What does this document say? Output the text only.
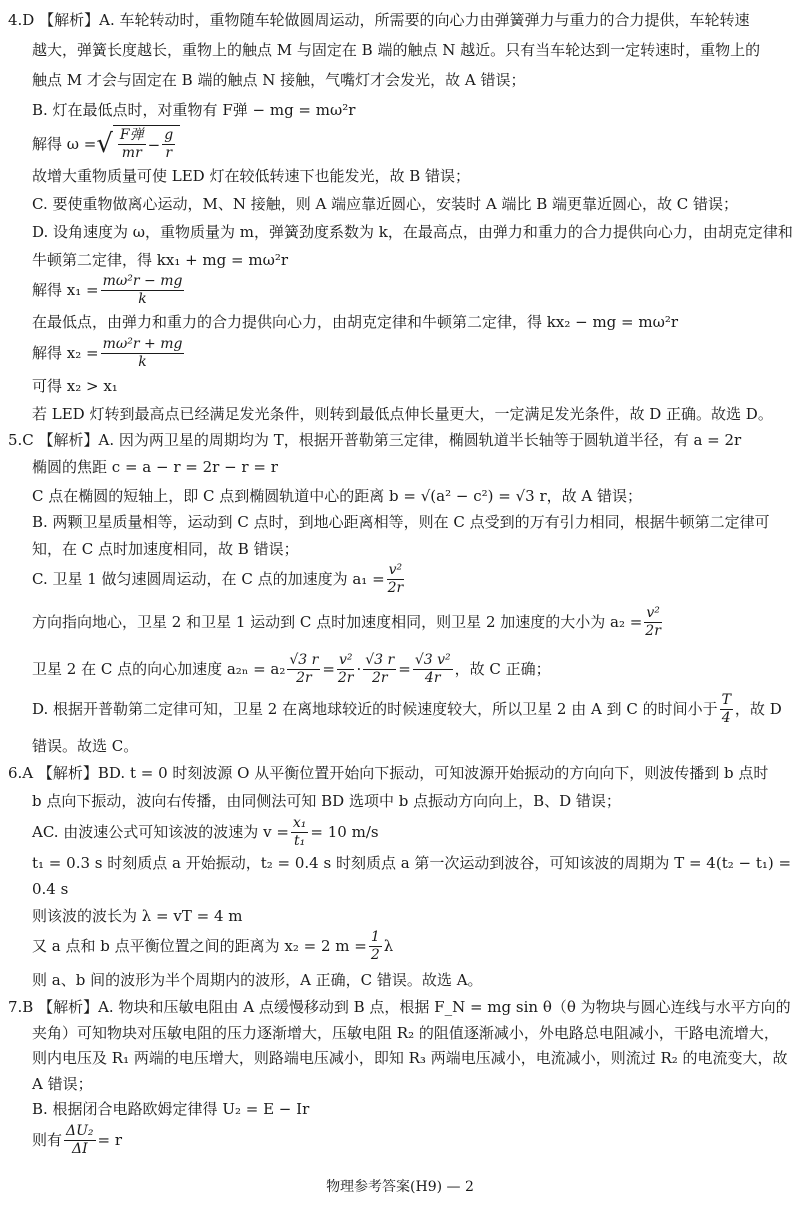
4.D 【解析】A. 车轮转动时，重物随车轮做圆周运动，所需要的向心力由弹簧弹力与重力的合力提供，车轮转速
越大，弹簧长度越长，重物上的触点 M 与固定在 B 端的触点 N 越近。只有当车轮达到一定转速时，重物上的
触点 M 才会与固定在 B 端的触点 N 接触，气嘴灯才会发光，故 A 错误；
B. 灯在最低点时，对重物有 F弹 − mg = mω²r
解得 ω = √ $\frac{\text{F弹}}{mr} - \frac{g}{r}$
故增大重物质量可使 LED 灯在较低转速下也能发光，故 B 错误；
C. 要使重物做离心运动，M、N 接触，则 A 端应靠近圆心，安装时 A 端比 B 端更靠近圆心，故 C 错误；
D. 设角速度为 ω，重物质量为 m，弹簧劲度系数为 k，在最高点，由弹力和重力的合力提供向心力，由胡克定律和
牛顿第二定律，得 kx₁ + mg = mω²r
解得 $x_1 = \frac{\text{mω²r − mg}}{k}$
在最低点，由弹力和重力的合力提供向心力，由胡克定律和牛顿第二定律，得 kx₂ − mg = mω²r
解得 $x_2 = \frac{\text{mω²r + mg}}{k}$
可得 x₂ > x₁
若 LED 灯转到最高点已经满足发光条件，则转到最低点伸长量更大，一定满足发光条件，故 D 正确。故选 D。
5.C 【解析】A. 因为两卫星的周期均为 T，根据开普勒第三定律，椭圆轨道半长轴等于圆轨道半径，有 a = 2r
椭圆的焦距 c = a − r = 2r − r = r
C 点在椭圆的短轴上，即 C 点到椭圆轨道中心的距离 b = √(a² − c²) = √3 r，故 A 错误；
B. 两颗卫星质量相等，运动到 C 点时，到地心距离相等，则在 C 点受到的万有引力相同，根据牛顿第二定律可
知，在 C 点时加速度相同，故 B 错误；
C. 卫星 1 做匀速圆周运动，在 C 点的加速度为 $a_1 = \frac{\text{v²}}{2r}$
方向指向地心，卫星 2 和卫星 1 运动到 C 点时加速度相同，则卫星 2 加速度的大小为 $a_2 = \frac{\text{v²}}{2r}$
卫星 2 在 C 点的向心加速度 $a_{2n} = a_2 \frac{√3 r}{2r} = \frac{\text{v²}}{2r} \cdot \frac{√3 r}{2r} = \frac{\text{√3 v²}}{4r}$ ，故 C 正确；
D. 根据开普勒第二定律可知，卫星 2 在离地球较近的时候速度较大，所以卫星 2 由 A 到 C 的时间小于 $\frac{T}{4}$ ，故 D
错误。故选 C。
6.A 【解析】BD. t = 0 时刻波源 O 从平衡位置开始向下振动，可知波源开始振动的方向向下，则波传播到 b 点时
b 点向下振动，波向右传播，由同侧法可知 BD 选项中 b 点振动方向向上，B、D 错误；
AC. 由波速公式可知该波的波速为 $v = \frac{\text{x₁}}{\text{t₁}} = 10$ m/s
t₁ = 0.3 s 时刻质点 a 开始振动，t₂ = 0.4 s 时刻质点 a 第一次运动到波谷，可知该波的周期为 T = 4(t₂ − t₁) =
0.4 s
则该波的波长为 λ = vT = 4 m
又 a 点和 b 点平衡位置之间的距离为 x₂ = 2 $m = \frac{1}{2}$ λ
则 a、b 间的波形为半个周期内的波形，A 正确，C 错误。故选 A。
7.B 【解析】A. 物块和压敏电阻由 A 点缓慢移动到 B 点，根据 F_N = mg sin θ（θ 为物块与圆心连线与水平方向的
夹角）可知物块对压敏电阻的压力逐渐增大，压敏电阻 R₂ 的阻值逐渐减小，外电路总电阻减小，干路电流增大，
则内电压及 R₁ 两端的电压增大，则路端电压减小，即知 R₃ 两端电压减小，电流减小，则流过 R₂ 的电流变大，故
A 错误；
B. 根据闭合电路欧姆定律得 U₂ = E − Ir
则有 $\frac{\text{ΔU₂}}{\Delta I} = r$
物理参考答案(H9) — 2
